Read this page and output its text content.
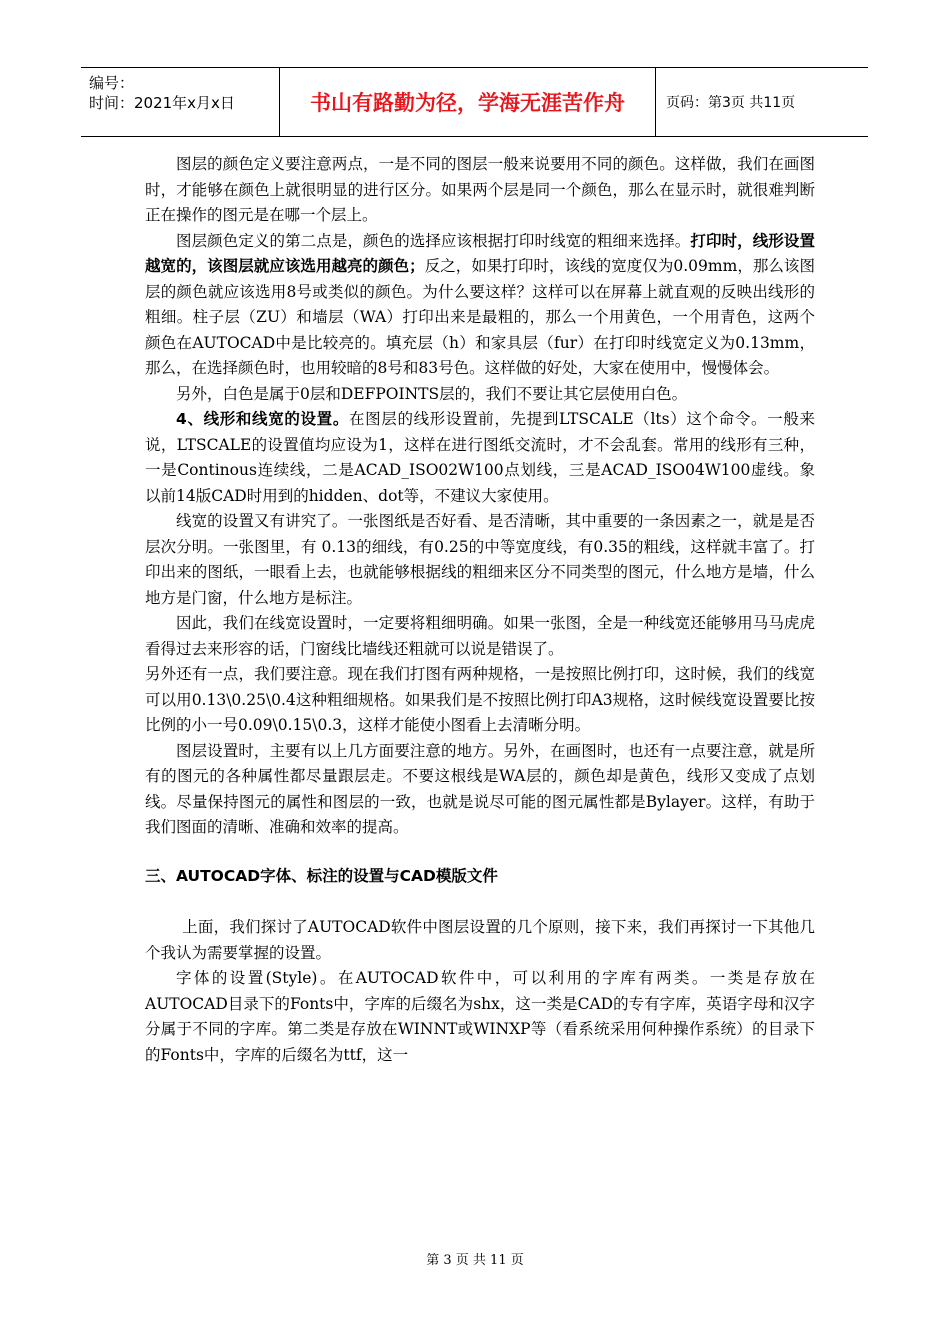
编号：
时间：2021年x月x日	书山有路勤为径，学海无涯苦作舟	页码：第3页 共11页

图层的颜色定义要注意两点，一是不同的图层一般来说要用不同的颜色。这样做，我们在画图时，才能够在颜色上就很明显的进行区分。如果两个层是同一个颜色，那么在显示时，就很难判断正在操作的图元是在哪一个层上。

图层颜色定义的第二点是，颜色的选择应该根据打印时线宽的粗细来选择。打印时，线形设置越宽的，该图层就应该选用越亮的颜色；反之，如果打印时，该线的宽度仅为0.09mm，那么该图层的颜色就应该选用8号或类似的颜色。为什么要这样？这样可以在屏幕上就直观的反映出线形的粗细。柱子层（ZU）和墙层（WA）打印出来是最粗的，那么一个用黄色，一个用青色，这两个颜色在AUTOCAD中是比较亮的。填充层（h）和家具层（fur）在打印时线宽定义为0.13mm，那么，在选择颜色时，也用较暗的8号和83号色。这样做的好处，大家在使用中，慢慢体会。

另外，白色是属于0层和DEFPOINTS层的，我们不要让其它层使用白色。

4、线形和线宽的设置。在图层的线形设置前，先提到LTSCALE（lts）这个命令。一般来说，LTSCALE的设置值均应设为1，这样在进行图纸交流时，才不会乱套。常用的线形有三种，一是Continous连续线，二是ACAD_ISO02W100点划线，三是ACAD_ISO04W100虚线。象以前14版CAD时用到的hidden、dot等，不建议大家使用。

线宽的设置又有讲究了。一张图纸是否好看、是否清晰，其中重要的一条因素之一，就是是否层次分明。一张图里，有 0.13的细线，有0.25的中等宽度线，有0.35的粗线，这样就丰富了。打印出来的图纸，一眼看上去，也就能够根据线的粗细来区分不同类型的图元，什么地方是墙，什么地方是门窗，什么地方是标注。

因此，我们在线宽设置时，一定要将粗细明确。如果一张图，全是一种线宽还能够用马马虎虎看得过去来形容的话，门窗线比墙线还粗就可以说是错误了。

另外还有一点，我们要注意。现在我们打图有两种规格，一是按照比例打印，这时候，我们的线宽可以用0.13\0.25\0.4这种粗细规格。如果我们是不按照比例打印A3规格，这时候线宽设置要比按比例的小一号0.09\0.15\0.3，这样才能使小图看上去清晰分明。

图层设置时，主要有以上几方面要注意的地方。另外，在画图时，也还有一点要注意，就是所有的图元的各种属性都尽量跟层走。不要这根线是WA层的，颜色却是黄色，线形又变成了点划线。尽量保持图元的属性和图层的一致，也就是说尽可能的图元属性都是Bylayer。这样，有助于我们图面的清晰、准确和效率的提高。

三、AUTOCAD字体、标注的设置与CAD模版文件

上面，我们探讨了AUTOCAD软件中图层设置的几个原则，接下来，我们再探讨一下其他几个我认为需要掌握的设置。

字体的设置(Style)。在AUTOCAD软件中，可以利用的字库有两类。一类是存放在AUTOCAD目录下的Fonts中，字库的后缀名为shx，这一类是CAD的专有字库，英语字母和汉字分属于不同的字库。第二类是存放在WINNT或WINXP等（看系统采用何种操作系统）的目录下的Fonts中，字库的后缀名为ttf，这一

第 3 页 共 11 页
